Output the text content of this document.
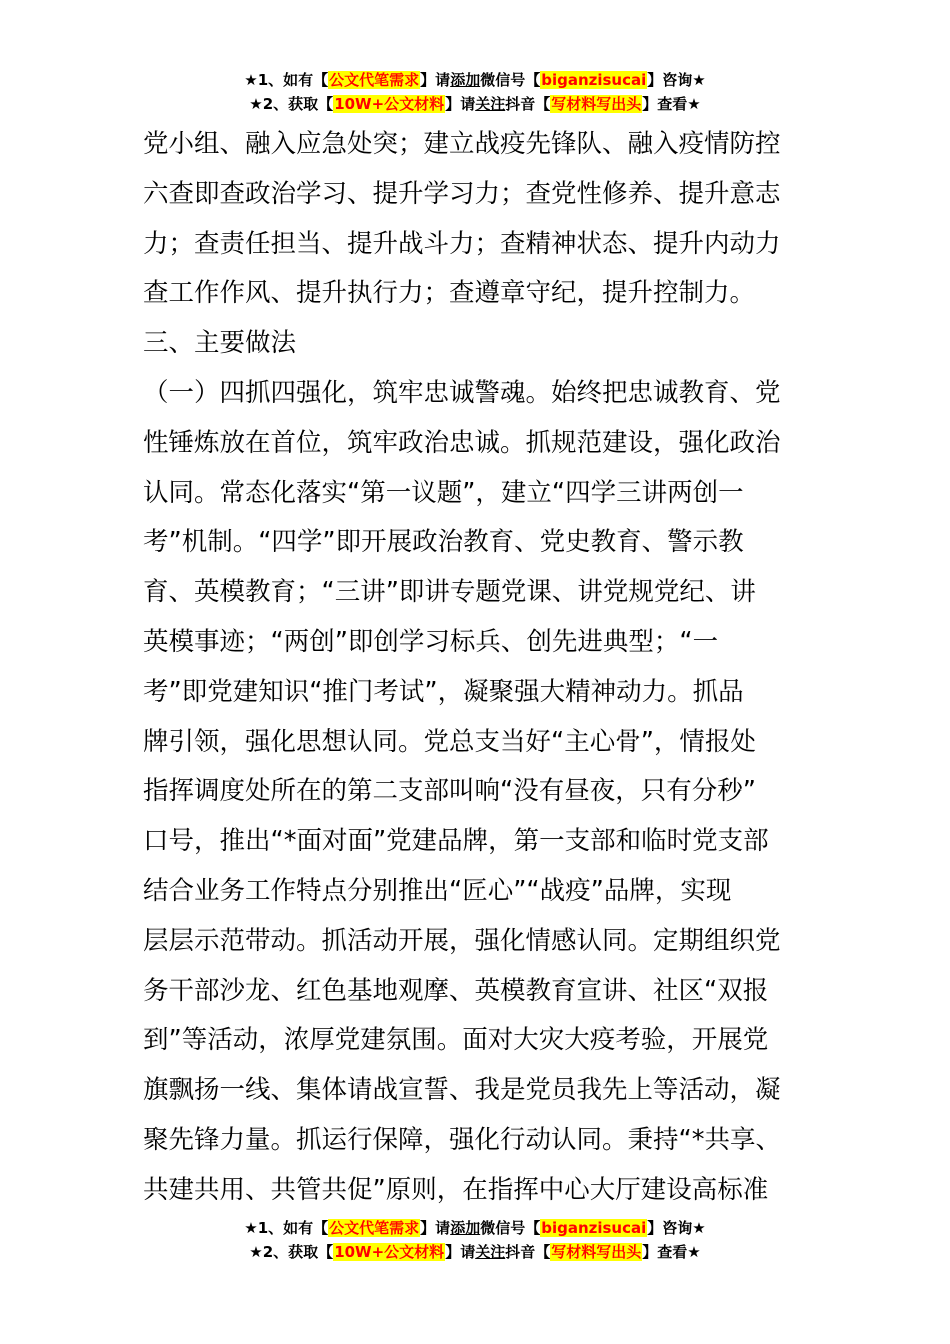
★1、如有【公文代笔需求】请添加微信号【biganzisucai】咨询★
★2、获取【10W+公文材料】请关注抖音【写材料写出头】查看★

党小组、融入应急处突；建立战疫先锋队、融入疫情防控

六查即查政治学习、提升学习力；查党性修养、提升意志

力；查责任担当、提升战斗力；查精神状态、提升内动力

查工作作风、提升执行力；查遵章守纪，提升控制力。

三、主要做法

（一）四抓四强化，筑牢忠诚警魂。始终把忠诚教育、党

性锤炼放在首位，筑牢政治忠诚。抓规范建设，强化政治

认同。常态化落实“第一议题”，建立“四学三讲两创一

考”机制。“四学”即开展政治教育、党史教育、警示教

育、英模教育；“三讲”即讲专题党课、讲党规党纪、讲

英模事迹；“两创”即创学习标兵、创先进典型；“一

考”即党建知识“推门考试”，凝聚强大精神动力。抓品

牌引领，强化思想认同。党总支当好“主心骨”，情报处

指挥调度处所在的第二支部叫响“没有昼夜，只有分秒”

口号，推出“*面对面”党建品牌，第一支部和临时党支部

结合业务工作特点分别推出“匠心”“战疫”品牌，实现

层层示范带动。抓活动开展，强化情感认同。定期组织党

务干部沙龙、红色基地观摩、英模教育宣讲、社区“双报

到”等活动，浓厚党建氛围。面对大灾大疫考验，开展党

旗飘扬一线、集体请战宣誓、我是党员我先上等活动，凝

聚先锋力量。抓运行保障，强化行动认同。秉持“*共享、

共建共用、共管共促”原则，在指挥中心大厅建设高标准

★1、如有【公文代笔需求】请添加微信号【biganzisucai】咨询★
★2、获取【10W+公文材料】请关注抖音【写材料写出头】查看★
